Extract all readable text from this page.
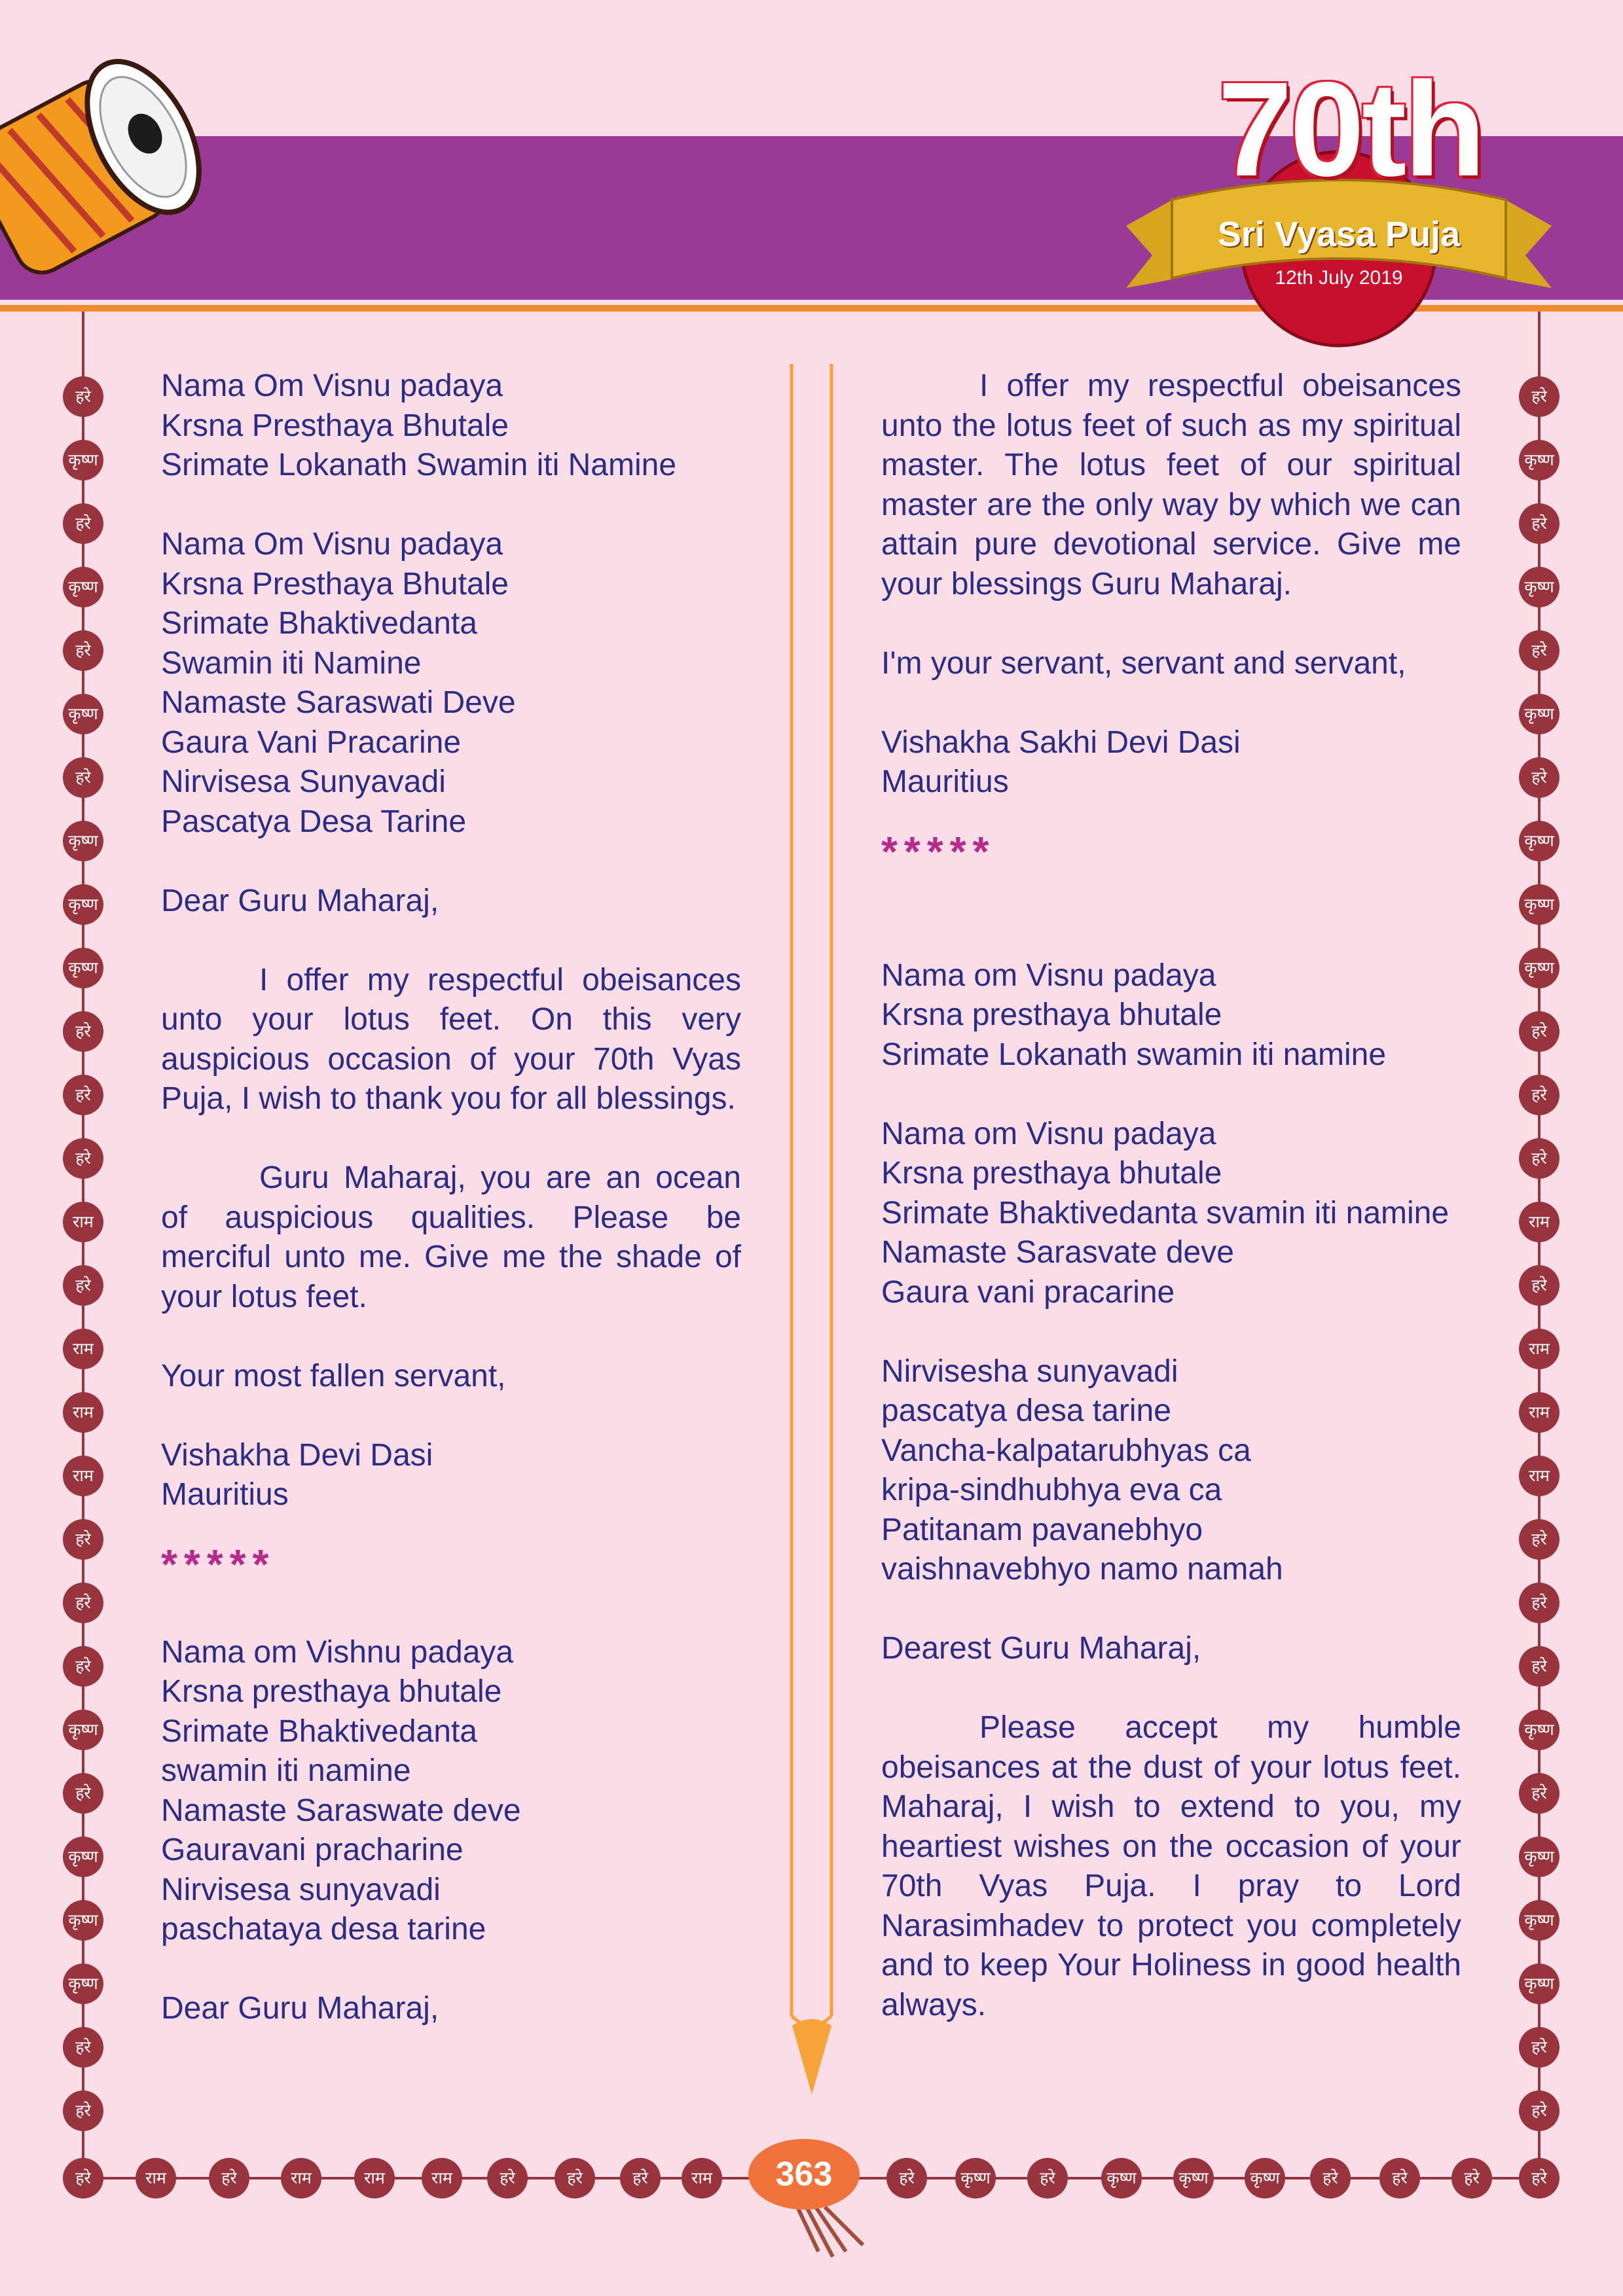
70th
Sri Vyasa Puja
12th July 2019
हरे
कृष्ण
हरे
कृष्ण
हरे
कृष्ण
हरे
कृष्ण
कृष्ण
कृष्ण
हरे
हरे
हरे
राम
हरे
राम
राम
राम
हरे
हरे
हरे
कृष्ण
हरे
कृष्ण
कृष्ण
कृष्ण
हरे
हरे
हरे
कृष्ण
हरे
कृष्ण
हरे
कृष्ण
हरे
कृष्ण
कृष्ण
कृष्ण
हरे
हरे
हरे
राम
हरे
राम
राम
राम
हरे
हरे
हरे
कृष्ण
हरे
कृष्ण
कृष्ण
कृष्ण
हरे
हरे
हरे	राम	हरे	राम	राम	राम	हरे	हरे	हरे	राम	हरे	कृष्ण	हरे	कृष्ण	कृष्ण	कृष्ण	हरे	हरे	हरे	हरे
Nama Om Visnu padaya
Krsna Presthaya Bhutale
Srimate Lokanath Swamin iti Namine
Nama Om Visnu padaya
Krsna Presthaya Bhutale
Srimate Bhaktivedanta
Swamin iti Namine
Namaste Saraswati Deve
Gaura Vani Pracarine
Nirvisesa Sunyavadi
Pascatya Desa Tarine
Dear Guru Maharaj,
I offer my respectful obeisances unto your lotus feet. On this very auspicious occasion of your 70th Vyas Puja, I wish to thank you for all blessings.
Guru Maharaj, you are an ocean of auspicious qualities. Please be merciful unto me. Give me the shade of your lotus feet.
Your most fallen servant,
Vishakha Devi Dasi
Mauritius
*****
Nama om Vishnu padaya
Krsna presthaya bhutale
Srimate Bhaktivedanta
swamin iti namine
Namaste Saraswate deve
Gauravani pracharine
Nirvisesa sunyavadi
paschataya desa tarine
Dear Guru Maharaj,
I offer my respectful obeisances unto the lotus feet of such as my spiritual master. The lotus feet of our spiritual master are the only way by which we can attain pure devotional service. Give me your blessings Guru Maharaj.
I'm your servant, servant and servant,
Vishakha Sakhi Devi Dasi
Mauritius
*****
Nama om Visnu padaya
Krsna presthaya bhutale
Srimate Lokanath swamin iti namine
Nama om Visnu padaya
Krsna presthaya bhutale
Srimate Bhaktivedanta svamin iti namine
Namaste Sarasvate deve
Gaura vani pracarine
Nirvisesha sunyavadi
pascatya desa tarine
Vancha-kalpatarubhyas ca
kripa-sindhubhya eva ca
Patitanam pavanebhyo
vaishnavebhyo namo namah
Dearest Guru Maharaj,
Please accept my humble obeisances at the dust of your lotus feet. Maharaj, I wish to extend to you, my heartiest wishes on the occasion of your 70th Vyas Puja. I pray to Lord Narasimhadev to protect you completely and to keep Your Holiness in good health always.
363
